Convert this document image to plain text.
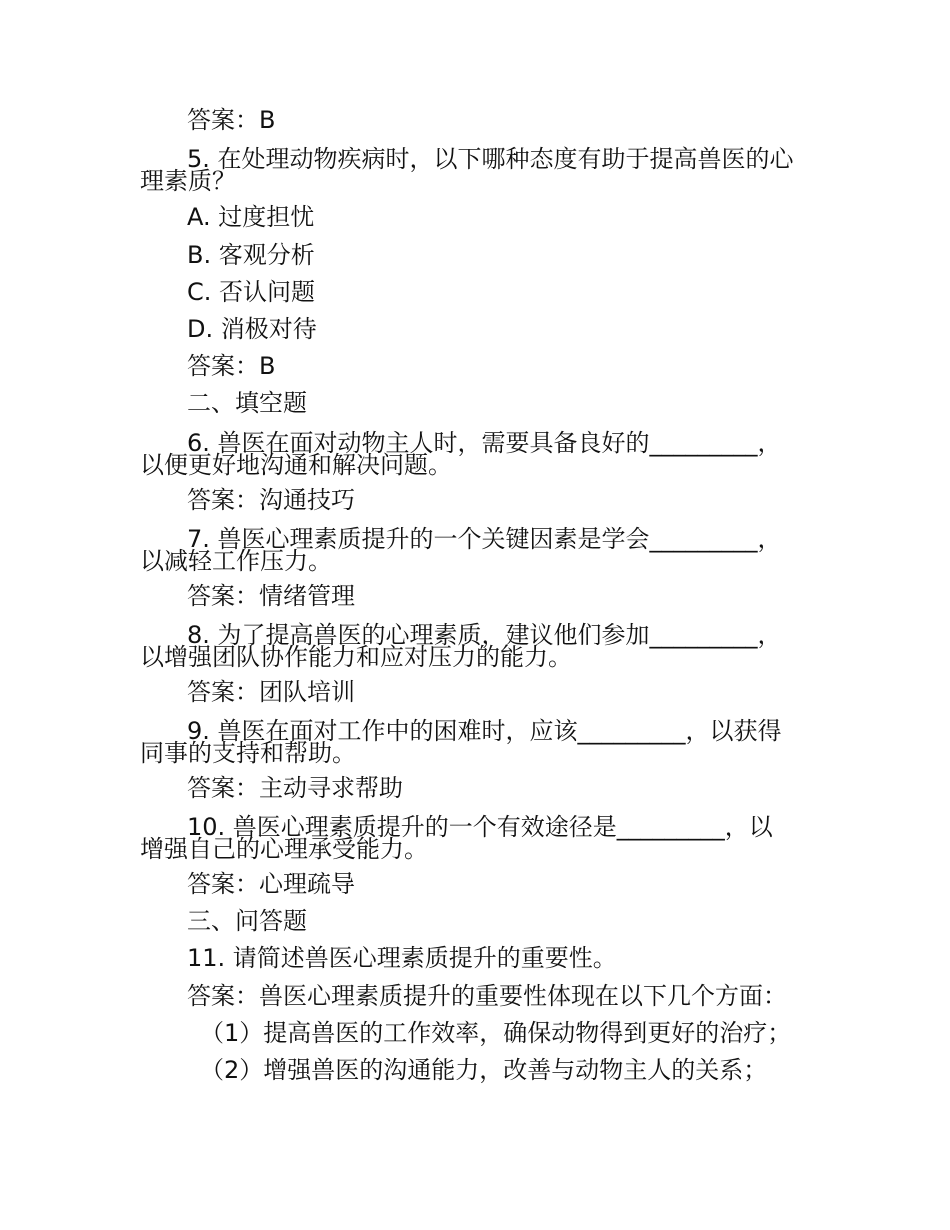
答案：B
5. 在处理动物疾病时，以下哪种态度有助于提高兽医的心
理素质？
A. 过度担忧
B. 客观分析
C. 否认问题
D. 消极对待
答案：B
二、填空题
6. 兽医在面对动物主人时，需要具备良好的_________，
以便更好地沟通和解决问题。
答案：沟通技巧
7. 兽医心理素质提升的一个关键因素是学会_________，
以减轻工作压力。
答案：情绪管理
8. 为了提高兽医的心理素质，建议他们参加_________，
以增强团队协作能力和应对压力的能力。
答案：团队培训
9. 兽医在面对工作中的困难时，应该_________，以获得
同事的支持和帮助。
答案：主动寻求帮助
10. 兽医心理素质提升的一个有效途径是_________，以
增强自己的心理承受能力。
答案：心理疏导
三、问答题
11. 请简述兽医心理素质提升的重要性。
答案：兽医心理素质提升的重要性体现在以下几个方面：
（1）提高兽医的工作效率，确保动物得到更好的治疗；
（2）增强兽医的沟通能力，改善与动物主人的关系；
